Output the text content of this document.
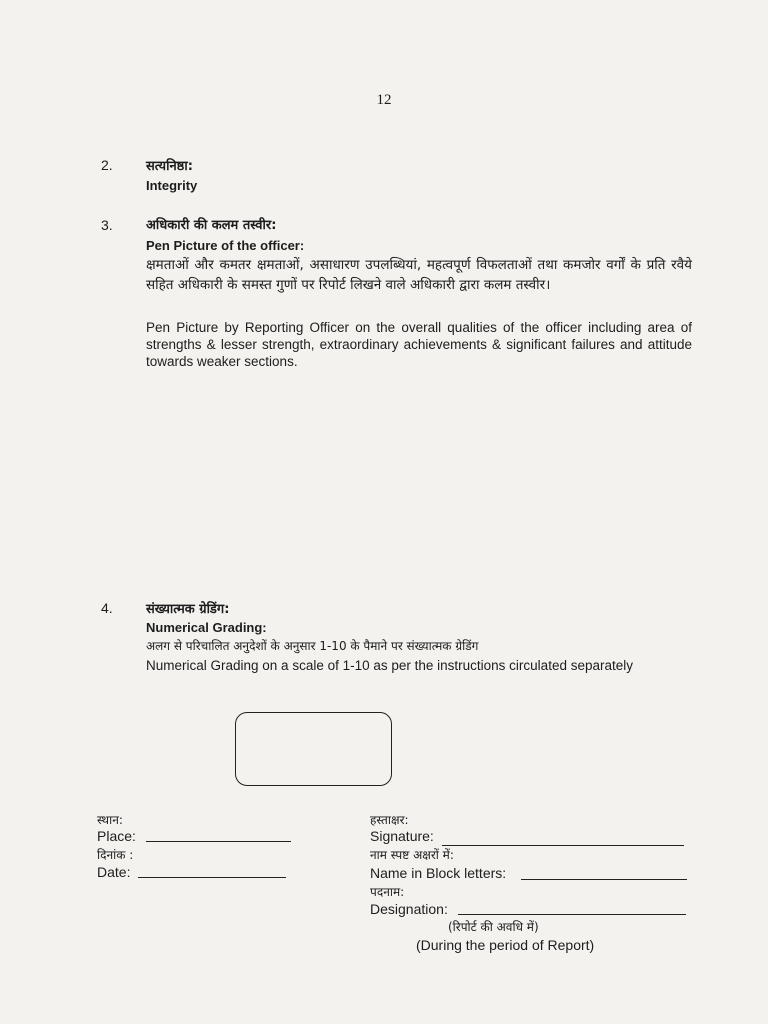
12
2.	सत्यनिष्ठा:
Integrity
3.	अधिकारी की कलम तस्वीर:
Pen Picture of the officer:
क्षमताओं और कमतर क्षमताओं, असाधारण उपलब्धियां, महत्वपूर्ण विफलताओं तथा कमजोर वर्गों के प्रति रवैये सहित अधिकारी के समस्त गुणों पर रिपोर्ट लिखने वाले अधिकारी द्वारा कलम तस्वीर।
Pen Picture by Reporting Officer on the overall qualities of the officer including area of strengths & lesser strength, extraordinary achievements & significant failures and attitude towards weaker sections.
4.	संख्यात्मक ग्रेडिंग:
Numerical Grading:
अलग से परिचालित अनुदेशों के अनुसार 1-10 के पैमाने पर संख्यात्मक ग्रेडिंग
Numerical Grading on a scale of 1-10 as per the instructions circulated separately
स्थान:
Place:
दिनांक :
Date:
हस्ताक्षर:
Signature:
नाम स्पष्ट अक्षरों में:
Name in Block letters:
पदनाम:
Designation:
(रिपोर्ट की अवधि में)
(During the period of Report)
